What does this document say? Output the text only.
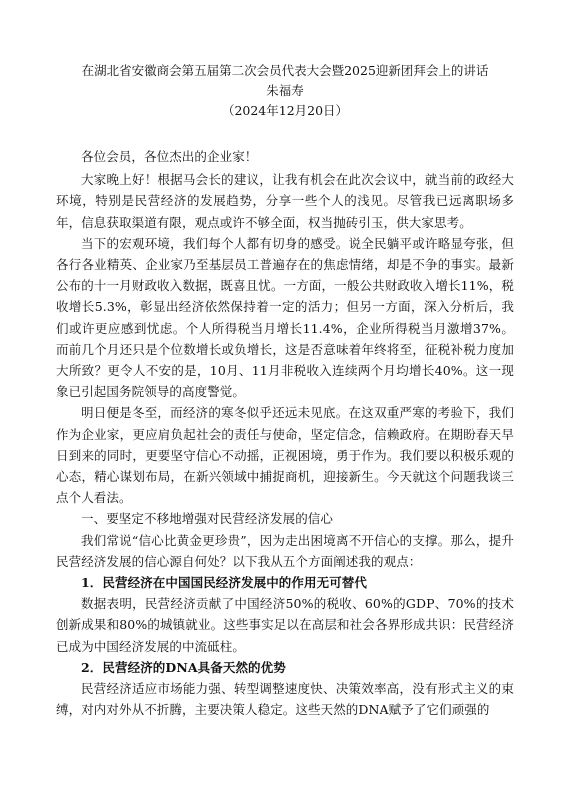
在湖北省安徽商会第五届第二次会员代表大会暨2025迎新团拜会上的讲话

朱福寿

（2024年12月20日）

各位会员，各位杰出的企业家！

大家晚上好！根据马会长的建议，让我有机会在此次会议中，就当前的政经大环境，特别是民营经济的发展趋势，分享一些个人的浅见。尽管我已远离职场多年，信息获取渠道有限，观点或许不够全面，权当抛砖引玉，供大家思考。

当下的宏观环境，我们每个人都有切身的感受。说全民躺平或许略显夸张，但各行各业精英、企业家乃至基层员工普遍存在的焦虑情绪，却是不争的事实。最新公布的十一月财政收入数据，既喜且忧。一方面，一般公共财政收入增长11%，税收增长5.3%，彰显出经济依然保持着一定的活力；但另一方面，深入分析后，我们或许更应感到忧虑。个人所得税当月增长11.4%，企业所得税当月激增37%。而前几个月还只是个位数增长或负增长，这是否意味着年终将至，征税补税力度加大所致？更令人不安的是，10月、11月非税收入连续两个月均增长40%。这一现象已引起国务院领导的高度警觉。

明日便是冬至，而经济的寒冬似乎还远未见底。在这双重严寒的考验下，我们作为企业家，更应肩负起社会的责任与使命，坚定信念，信赖政府。在期盼春天早日到来的同时，更要坚守信心不动摇，正视困境，勇于作为。我们要以积极乐观的心态，精心谋划布局，在新兴领域中捕捉商机，迎接新生。今天就这个问题我谈三点个人看法。

一、要坚定不移地增强对民营经济发展的信心

我们常说“信心比黄金更珍贵”，因为走出困境离不开信心的支撑。那么，提升民营经济发展的信心源自何处？以下我从五个方面阐述我的观点：

1．民营经济在中国国民经济发展中的作用无可替代

数据表明，民营经济贡献了中国经济50%的税收、60%的GDP、70%的技术创新成果和80%的城镇就业。这些事实足以在高层和社会各界形成共识：民营经济已成为中国经济发展的中流砥柱。

2．民营经济的DNA具备天然的优势

民营经济适应市场能力强、转型调整速度快、决策效率高，没有形式主义的束缚，对内对外从不折腾，主要决策人稳定。这些天然的DNA赋予了它们顽强的
